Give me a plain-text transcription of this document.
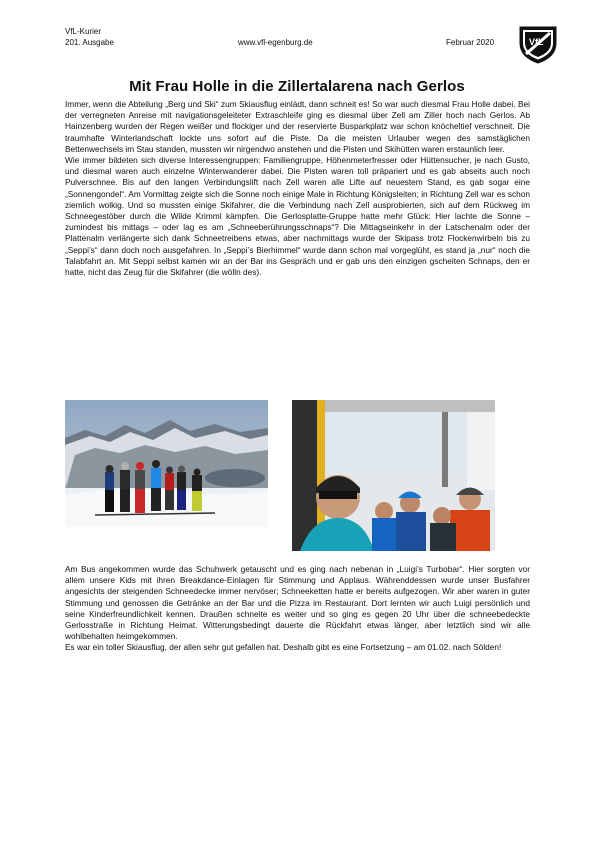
VfL-Kurier
201. Ausgabe	www.vfl-egenburg.de	Februar 2020	VfL
Mit Frau Holle in die Zillertalarena nach Gerlos

Immer, wenn die Abteilung „Berg und Ski“ zum Skiausflug einlädt, dann schneit es! So war auch diesmal Frau Holle dabei. Bei der verregneten Anreise mit navigationsgeleiteter Extraschleife ging es diesmal über Zell am Ziller hoch nach Gerlos. Ab Hainzenberg wurden der Regen weißer und flockiger und der reservierte Busparkplatz war schon knöcheltief verschneit. Die traumhafte Winterlandschaft lockte uns sofort auf die Piste. Da die meisten Urlauber wegen des samstäglichen Bettenwechsels im Stau standen, mussten wir nirgendwo anstehen und die Pisten und Skihütten waren erstaunlich leer.

Wie immer bildeten sich diverse Interessengruppen: Familiengruppe, Höhenmeterfresser oder Hüttensucher, je nach Gusto, und diesmal waren auch einzelne Winterwanderer dabei. Die Pisten waren toll präpariert und es gab abseits auch noch Pulverschnee. Bis auf den langen Verbindungslift nach Zell waren alle Lifte auf neuestem Stand, es gab sogar eine „Sonnengondel“. Am Vormittag zeigte sich die Sonne noch einige Male in Richtung Königsleiten; in Richtung Zell war es schon ziemlich wolkig. Und so mussten einige Skifahrer, die die Verbindung nach Zell ausprobierten, sich auf dem Rückweg im Schneegestöber durch die Wilde Krimml kämpfen. Die Gerlosplatte-Gruppe hatte mehr Glück: Hier lachte die Sonne – zumindest bis mittags – oder lag es am „Schneeberührungsschnaps“? Die Mittagseinkehr in der Latschenalm oder der Plattenalm verlängerte sich dank Schneetreibens etwas, aber nachmittags wurde der Skipass trotz Flockenwirbeln bis zu „Seppi’s“ dann doch noch ausgefahren. In „Seppi’s Bierhimmel“ wurde dann schon mal vorgeglüht, es stand ja „nur“ noch die Talabfahrt an. Mit Seppi selbst kamen wir an der Bar ins Gespräch und er gab uns den einzigen gscheiten Schnaps, den er hatte, nicht das Zeug für die Skifahrer (die wölln des).

Am Bus angekommen wurde das Schuhwerk getauscht und es ging nach nebenan in „Luigi’s Turbobar“. Hier sorgten vor allem unsere Kids mit ihren Breakdance-Einlagen für Stimmung und Applaus. Währenddessen wurde unser Busfahrer angesichts der steigenden Schneedecke immer nervöser; Schneeketten hatte er bereits aufgezogen. Wir aber waren in guter Stimmung und genossen die Getränke an der Bar und die Pizza im Restaurant. Dort lernten wir auch Luigi persönlich und seine Kinderfreundlichkeit kennen. Draußen schneite es weiter und so ging es gegen 20 Uhr über die schneebedeckte Gerlosstraße in Richtung Heimat. Witterungsbedingt dauerte die Rückfahrt etwas länger, aber letztlich sind wir alle wohlbehalten heimgekommen.

Es war ein toller Skiausflug, der allen sehr gut gefallen hat. Deshalb gibt es eine Fortsetzung – am 01.02. nach Sölden!
